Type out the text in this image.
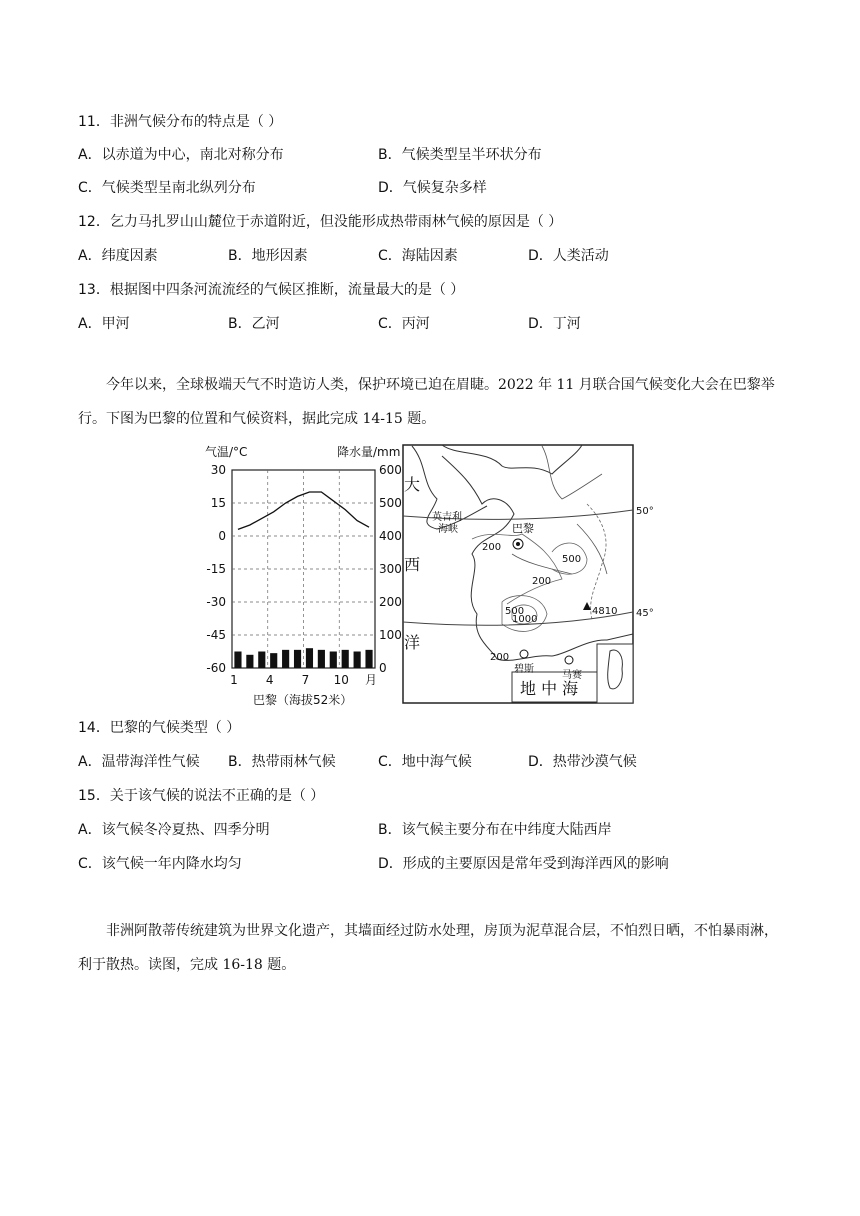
11．非洲气候分布的特点是（ ）
A．以赤道为中心，南北对称分布	B．气候类型呈半环状分布
C．气候类型呈南北纵列分布	D．气候复杂多样
12．乞力马扎罗山山麓位于赤道附近，但没能形成热带雨林气候的原因是（ ）
A．纬度因素	B．地形因素	C．海陆因素	D．人类活动
13．根据图中四条河流流经的气候区推断，流量最大的是（ ）
A．甲河	B．乙河	C．丙河	D．丁河
今年以来，全球极端天气不时造访人类，保护环境已迫在眉睫。2022 年 11 月联合国气候变化大会在巴黎举行。下图为巴黎的位置和气候资料，据此完成 14-15 题。
气温/°C	降水量/mm
30
15
0
-15
-30
-45
-60
600
500
400
300
200
100
0
1 4 7 10 月
巴黎（海拔52米）
大
西
洋
英吉利
海峡	巴黎
200
200
200
500
500
1000
4810
50°
45°
碧斯
马赛
地 中 海
14．巴黎的气候类型（ ）
A．温带海洋性气候 B．热带雨林气候	C．地中海气候	D．热带沙漠气候
15．关于该气候的说法不正确的是（ ）
A．该气候冬冷夏热、四季分明	B．该气候主要分布在中纬度大陆西岸
C．该气候一年内降水均匀	D．形成的主要原因是常年受到海洋西风的影响
非洲阿散蒂传统建筑为世界文化遗产，其墙面经过防水处理，房顶为泥草混合层，不怕烈日晒，不怕暴雨淋，利于散热。读图，完成 16-18 题。
